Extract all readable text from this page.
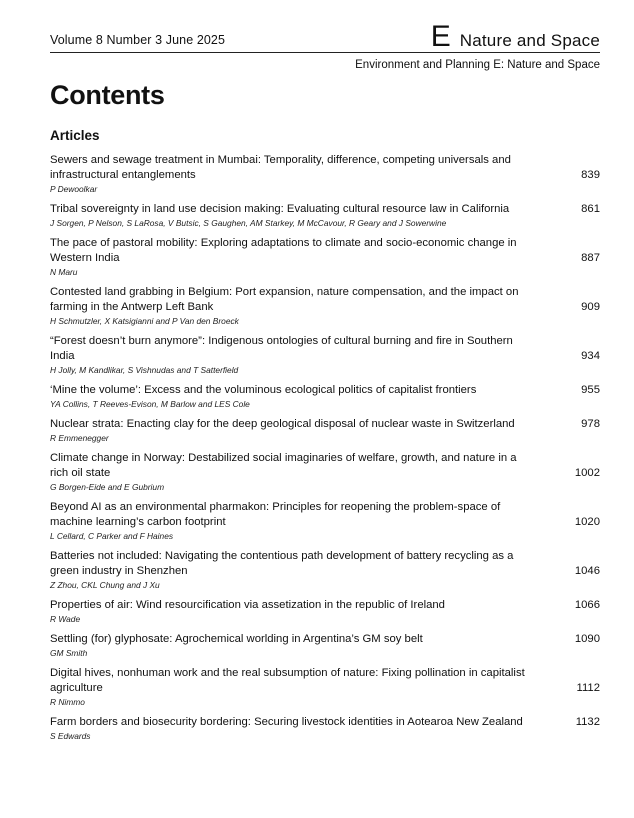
Volume 8 Number 3 June 2025	E Nature and Space
Environment and Planning E: Nature and Space
Contents
Articles
Sewers and sewage treatment in Mumbai: Temporality, difference, competing universals and infrastructural entanglements
P Dewoolkar
839
Tribal sovereignty in land use decision making: Evaluating cultural resource law in California
J Sorgen, P Nelson, S LaRosa, V Butsic, S Gaughen, AM Starkey, M McCavour, R Geary and J Sowerwine
861
The pace of pastoral mobility: Exploring adaptations to climate and socio-economic change in Western India
N Maru
887
Contested land grabbing in Belgium: Port expansion, nature compensation, and the impact on farming in the Antwerp Left Bank
H Schmutzler, X Katsigianni and P Van den Broeck
909
“Forest doesn’t burn anymore”: Indigenous ontologies of cultural burning and fire in Southern India
H Jolly, M Kandlikar, S Vishnudas and T Satterfield
934
‘Mine the volume’: Excess and the voluminous ecological politics of capitalist frontiers
YA Collins, T Reeves-Evison, M Barlow and LES Cole
955
Nuclear strata: Enacting clay for the deep geological disposal of nuclear waste in Switzerland
R Emmenegger
978
Climate change in Norway: Destabilized social imaginaries of welfare, growth, and nature in a rich oil state
G Borgen-Eide and E Gubrium
1002
Beyond AI as an environmental pharmakon: Principles for reopening the problem-space of machine learning’s carbon footprint
L Cellard, C Parker and F Haines
1020
Batteries not included: Navigating the contentious path development of battery recycling as a green industry in Shenzhen
Z Zhou, CKL Chung and J Xu
1046
Properties of air: Wind resourcification via assetization in the republic of Ireland
R Wade
1066
Settling (for) glyphosate: Agrochemical worlding in Argentina’s GM soy belt
GM Smith
1090
Digital hives, nonhuman work and the real subsumption of nature: Fixing pollination in capitalist agriculture
R Nimmo
1112
Farm borders and biosecurity bordering: Securing livestock identities in Aotearoa New Zealand
S Edwards
1132
